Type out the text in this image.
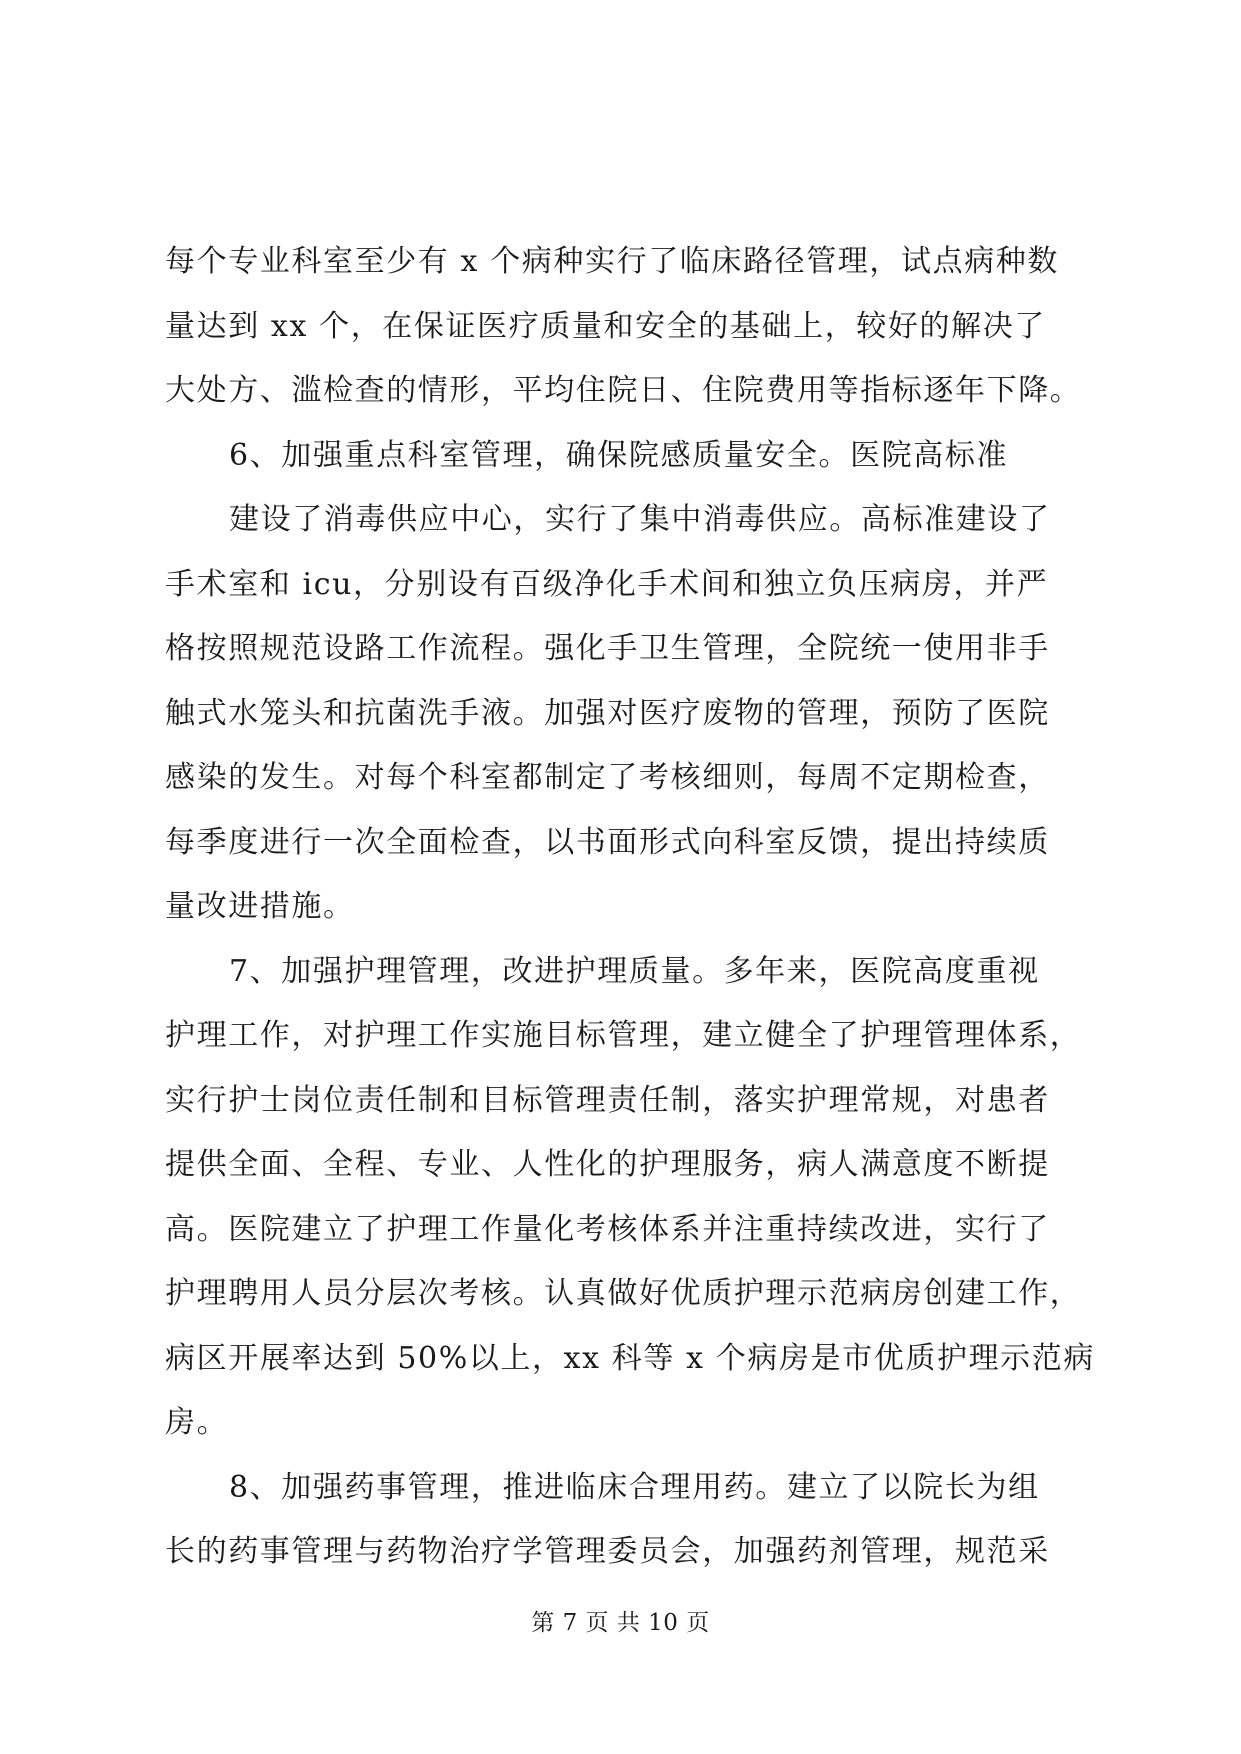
每个专业科室至少有 x 个病种实行了临床路径管理，试点病种数
量达到 xx 个，在保证医疗质量和安全的基础上，较好的解决了
大处方、滥检查的情形，平均住院日、住院费用等指标逐年下降。
6、加强重点科室管理，确保院感质量安全。医院高标准
建设了消毒供应中心，实行了集中消毒供应。高标准建设了
手术室和 icu，分别设有百级净化手术间和独立负压病房，并严
格按照规范设路工作流程。强化手卫生管理，全院统一使用非手
触式水笼头和抗菌洗手液。加强对医疗废物的管理，预防了医院
感染的发生。对每个科室都制定了考核细则，每周不定期检查，
每季度进行一次全面检查，以书面形式向科室反馈，提出持续质
量改进措施。
7、加强护理管理，改进护理质量。多年来，医院高度重视
护理工作，对护理工作实施目标管理，建立健全了护理管理体系，
实行护士岗位责任制和目标管理责任制，落实护理常规，对患者
提供全面、全程、专业、人性化的护理服务，病人满意度不断提
高。医院建立了护理工作量化考核体系并注重持续改进，实行了
护理聘用人员分层次考核。认真做好优质护理示范病房创建工作，
病区开展率达到 50%以上，xx 科等 x 个病房是市优质护理示范病
房。
8、加强药事管理，推进临床合理用药。建立了以院长为组
长的药事管理与药物治疗学管理委员会，加强药剂管理，规范采
第 7 页 共 10 页
